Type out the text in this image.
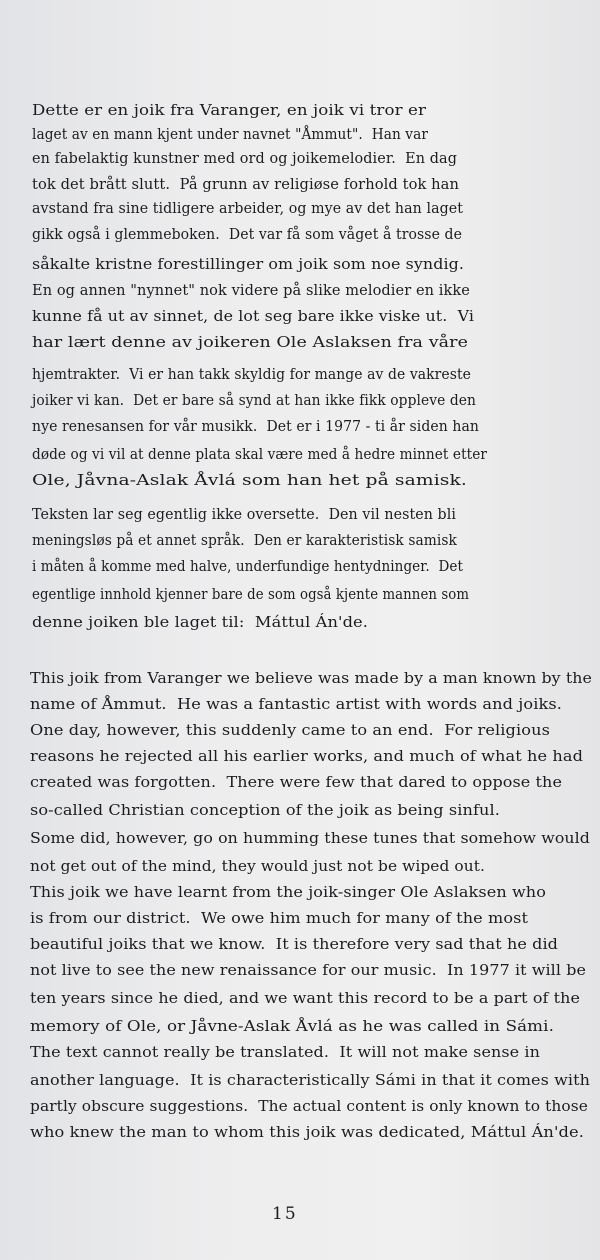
Dette er en joik fra Varanger, en joik vi tror er
laget av en mann kjent under navnet "Åmmut".  Han var
en fabelaktig kunstner med ord og joikemelodier.  En dag
tok det brått slutt.  På grunn av religiøse forhold tok han
avstand fra sine tidligere arbeider, og mye av det han laget
gikk også i glemmeboken.  Det var få som våget å trosse de
såkalte kristne forestillinger om joik som noe syndig.
En og annen "nynnet" nok videre på slike melodier en ikke
kunne få ut av sinnet, de lot seg bare ikke viske ut.  Vi
har lært denne av joikeren Ole Aslaksen fra våre
hjemtrakter.  Vi er han takk skyldig for mange av de vakreste
joiker vi kan.  Det er bare så synd at han ikke fikk oppleve den
nye renesansen for vår musikk.  Det er i 1977 - ti år siden han
døde og vi vil at denne plata skal være med å hedre minnet etter
Ole, Jåvna-Aslak Åvlá som han het på samisk.
Teksten lar seg egentlig ikke oversette.  Den vil nesten bli
meningsløs på et annet språk.  Den er karakteristisk samisk
i måten å komme med halve, underfundige hentydninger.  Det
egentlige innhold kjenner bare de som også kjente mannen som
denne joiken ble laget til:  Máttul Án'de.
This joik from Varanger we believe was made by a man known by the
name of Åmmut.  He was a fantastic artist with words and joiks.
One day, however, this suddenly came to an end.  For religious
reasons he rejected all his earlier works, and much of what he had
created was forgotten.  There were few that dared to oppose the
so-called Christian conception of the joik as being sinful.
Some did, however, go on humming these tunes that somehow would
not get out of the mind, they would just not be wiped out.
This joik we have learnt from the joik-singer Ole Aslaksen who
is from our district.  We owe him much for many of the most
beautiful joiks that we know.  It is therefore very sad that he did
not live to see the new renaissance for our music.  In 1977 it will be
ten years since he died, and we want this record to be a part of the
memory of Ole, or Jåvne-Aslak Åvlá as he was called in Sámi.
The text cannot really be translated.  It will not make sense in
another language.  It is characteristically Sámi in that it comes with
partly obscure suggestions.  The actual content is only known to those
who knew the man to whom this joik was dedicated, Máttul Án'de.
15
